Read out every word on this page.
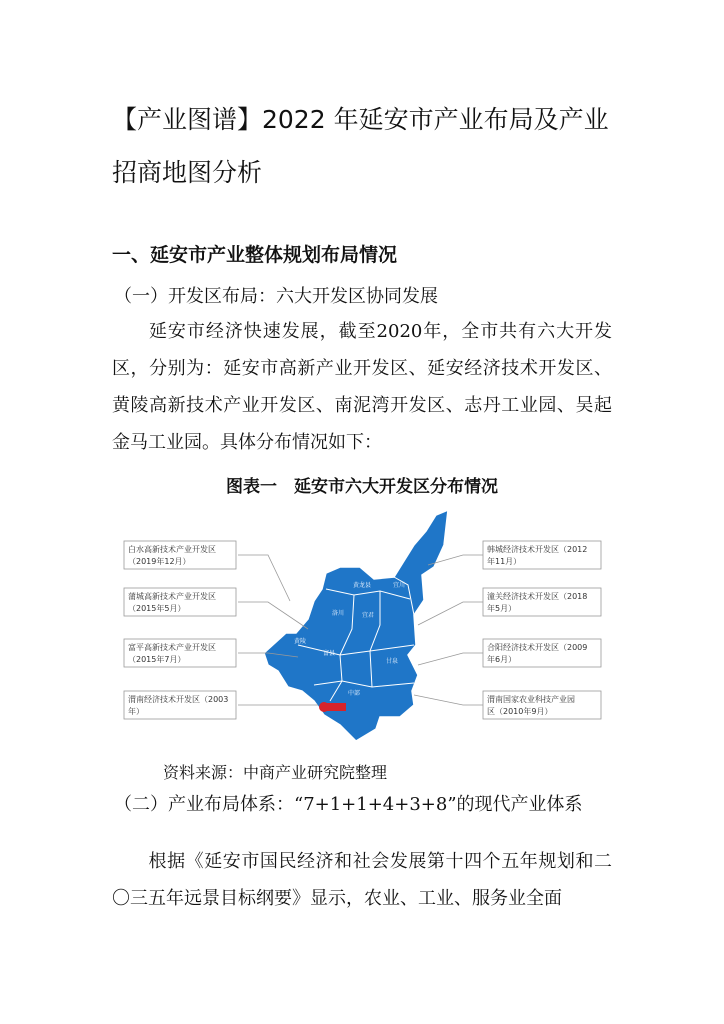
【产业图谱】2022 年延安市产业布局及产业
招商地图分析
一、延安市产业整体规划布局情况
（一）开发区布局：六大开发区协同发展
延安市经济快速发展，截至2020年，全市共有六大开发区，分别为：延安市高新产业开发区、延安经济技术开发区、黄陵高新技术产业开发区、南泥湾开发区、志丹工业园、吴起金马工业园。具体分布情况如下：
图表一　延安市六大开发区分布情况
白水高新技术产业开发区
（2019年12月）
蒲城高新技术产业开发区
（2015年5月）
富平高新技术产业开发区
（2015年7月）
渭南经济技术开发区（2003
年）
韩城经济技术开发区（2012
年11月）
潼关经济技术开发区（2018
年5月）
合阳经济技术开发区（2009
年6月）
渭南国家农业科技产业园
区（2010年9月）
黄龙县	宜川
洛川	宜君
黄陵
富县
甘泉
中部
资料来源：中商产业研究院整理
（二）产业布局体系：“7+1+1+4+3+8”的现代产业体系
根据《延安市国民经济和社会发展第十四个五年规划和二〇三五年远景目标纲要》显示，农业、工业、服务业全面
